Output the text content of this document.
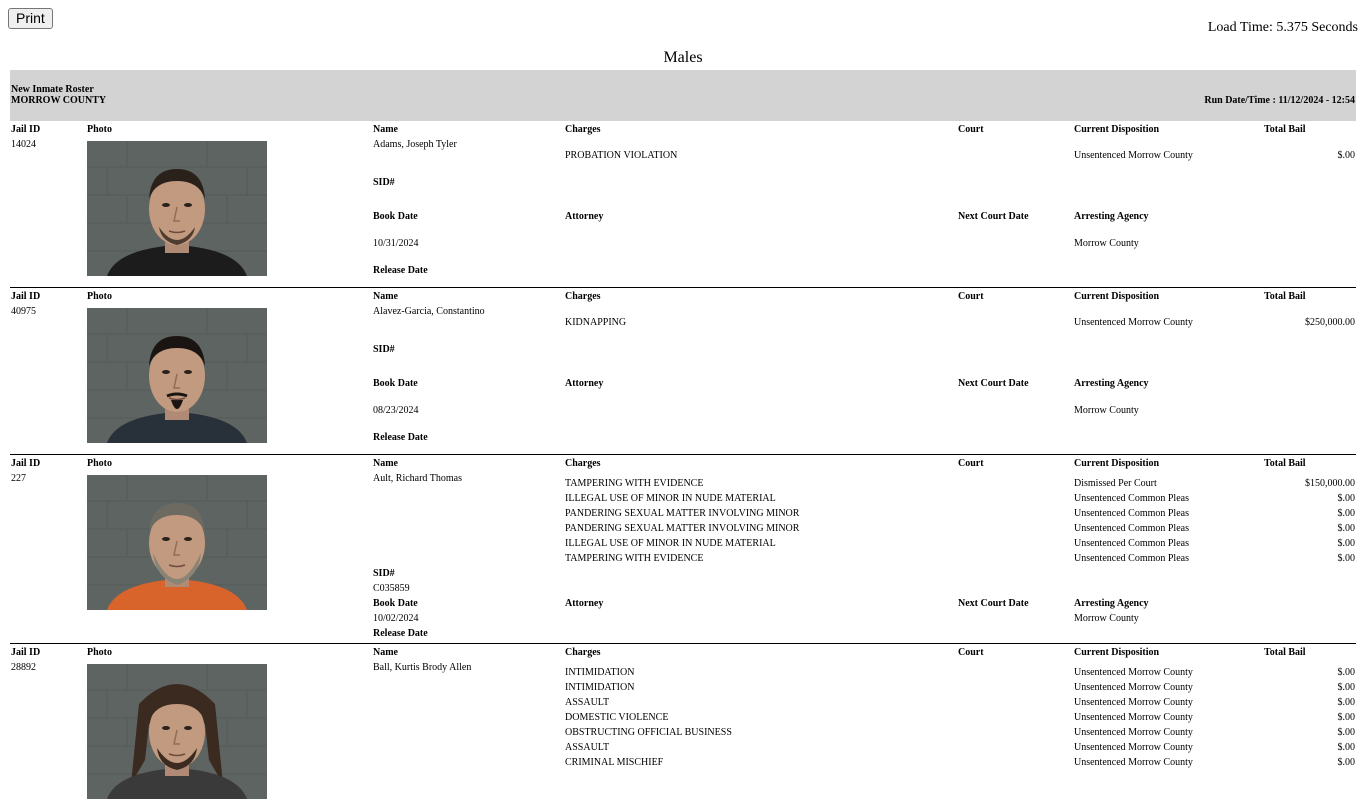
Print
Load Time: 5.375 Seconds
Males
New Inmate Roster
MORROW COUNTY	Run Date/Time : 11/12/2024 - 12:54
Jail ID	Photo	Name	Charges	Court	Current Disposition	Total Bail
14024	Adams, Joseph Tyler
PROBATION VIOLATION	Unsentenced Morrow County	$.00
SID#
Book Date	Attorney	Next Court Date	Arresting Agency
10/31/2024	Morrow County
Release Date
Jail ID	Photo	Name	Charges	Court	Current Disposition	Total Bail
40975	Alavez-Garcia, Constantino
KIDNAPPING	Unsentenced Morrow County	$250,000.00
SID#
Book Date	Attorney	Next Court Date	Arresting Agency
08/23/2024	Morrow County
Release Date
Jail ID	Photo	Name	Charges	Court	Current Disposition	Total Bail
227	Ault, Richard Thomas	TAMPERING WITH EVIDENCE	Dismissed Per Court	$150,000.00
ILLEGAL USE OF MINOR IN NUDE MATERIAL	Unsentenced Common Pleas	$.00
PANDERING SEXUAL MATTER INVOLVING MINOR	Unsentenced Common Pleas	$.00
PANDERING SEXUAL MATTER INVOLVING MINOR	Unsentenced Common Pleas	$.00
ILLEGAL USE OF MINOR IN NUDE MATERIAL	Unsentenced Common Pleas	$.00
TAMPERING WITH EVIDENCE	Unsentenced Common Pleas	$.00
SID#
C035859
Book Date	Attorney	Next Court Date	Arresting Agency
10/02/2024	Morrow County
Release Date
Jail ID	Photo	Name	Charges	Court	Current Disposition	Total Bail
28892	Ball, Kurtis Brody Allen	INTIMIDATION	Unsentenced Morrow County	$.00
INTIMIDATION	Unsentenced Morrow County	$.00
ASSAULT	Unsentenced Morrow County	$.00
DOMESTIC VIOLENCE	Unsentenced Morrow County	$.00
OBSTRUCTING OFFICIAL BUSINESS	Unsentenced Morrow County	$.00
ASSAULT	Unsentenced Morrow County	$.00
CRIMINAL MISCHIEF	Unsentenced Morrow County	$.00
